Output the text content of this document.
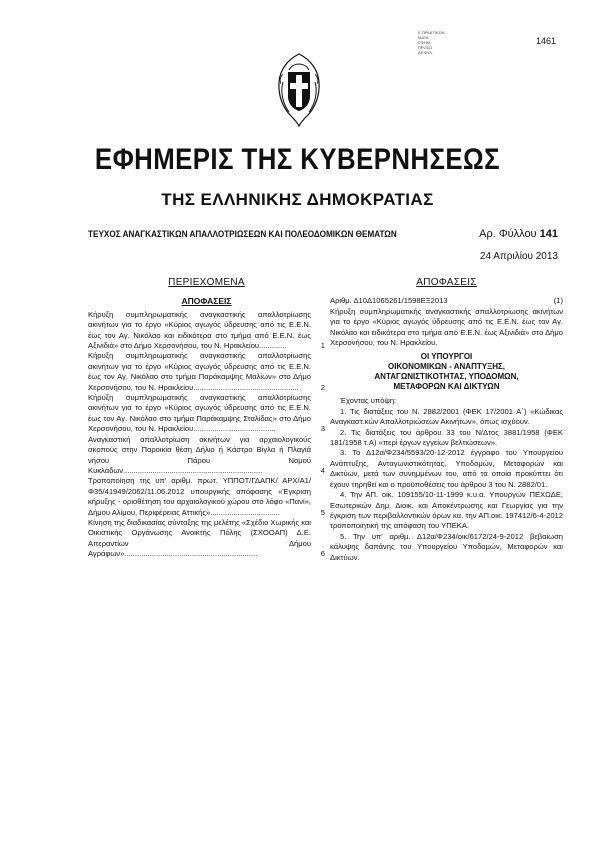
Ε.ΠΡΑΚΤΙΚΩΝ
ΜΑΤΑ
ΕΦΗΜ.
ΠΡΟΣΩ
ΑΡ.ΦΥΛ.
1461
ΕΦΗΜΕΡΙΣ ΤΗΣ ΚΥΒΕΡΝΗΣΕΩΣ
ΤΗΣ ΕΛΛΗΝΙΚΗΣ ΔΗΜΟΚΡΑΤΙΑΣ
ΤΕΥΧΟΣ ΑΝΑΓΚΑΣΤΙΚΩΝ ΑΠΑΛΛΟΤΡΙΩΣΕΩΝ ΚΑΙ ΠΟΛΕΟΔΟΜΙΚΩΝ ΘΕΜΑΤΩΝ	Αρ. Φύλλου 141
24 Απριλίου 2013
ΠΕΡΙΕΧΟΜΕΝΑ
ΑΠΟΦΑΣΕΙΣ
Κήρυξη συμπληρωματικής αναγκαστικής απαλλοτρίωσης ακινήτων για το έργο «Κύριος αγωγός ύδρευσης από τις Ε.Ε.Ν. έως τον Αγ. Νικόλαο και ειδικότερα στο τμήμα από Ε.Ε.Ν. έως Αξινιδιά» στο Δήμο Χερσονήσου, του Ν. Ηρακλείου.............	1
Κήρυξη συμπληρωματικής αναγκαστικής απαλλοτρίωσης ακινήτων για το έργο «Κύριος αγωγός ύδρευσης από τις Ε.Ε.Ν. έως τον Αγ. Νικόλαο στο τμήμα Παράκαμψης Μαλίων» στο Δήμο Χερσονήσου, του Ν. Ηρακλείου..................................................	2
Κήρυξη συμπληρωματικής αναγκαστικής απαλλοτρίωσης ακινήτων για το έργο «Κύριος αγωγός ύδρευσης από τις Ε.Ε.Ν. έως τον Αγ. Νικόλαο στο τμήμα Παράκαμψης Σταλίδας» στο Δήμο Χερσονήσου, του Ν. Ηρακλείου.......................................	3
Αναγκαστική απαλλοτρίωση ακινήτων για αρχαιολογικούς σκοπούς στην Παροικία θέση Δήλιο ή Κάστρο Βίγλα ή Πλαγιά νήσου Πάρου Νομού Κυκλάδων..................................................................	4
Τροποποίηση της υπ' αριθμ. πρωτ. ΥΠΠΟΤ/ΓΔΑΠΚ/ ΑΡΧ/Α1/Φ35/41949/2062/11.06.2012 υπουργικής απόφασης «Έγκριση κήρυξης - οριοθέτηση του αρχαιολογικού χώρου στο λόφο «Πανί», Δήμου Αλίμου, Περιφέρειας Αττικής».................................	5
Κίνηση της διαδικασίας σύνταξης της μελέτης «Σχέδιο Χωρικής και Οικιστικής Οργάνωσης Ανοικτής Πόλης (ΣΧΟΟΑΠ) Δ.Ε. Απεραντίων Δήμου Αγράφων»...............................................................	6
ΑΠΟΦΑΣΕΙΣ
Αριθμ. Δ10Δ1065261/1598ΕΞ2013	(1)
Κήρυξη συμπληρωματικής αναγκαστικής απαλλοτρίωσης ακινήτων για το έργο «Κύριος αγωγός ύδρευσης από τις Ε.Ε.Ν. έως τον Αγ. Νικόλαο και ειδικότερα στο τμήμα από Ε.Ε.Ν. έως Αξινιδιά» στο Δήμο Χερσονήσου, του Ν. Ηρακλείου.
ΟΙ ΥΠΟΥΡΓΟΙ
ΟΙΚΟΝΟΜΙΚΩΝ - ΑΝΑΠΤΥΞΗΣ,
ΑΝΤΑΓΩΝΙΣΤΙΚΟΤΗΤΑΣ, ΥΠΟΔΟΜΩΝ,
ΜΕΤΑΦΟΡΩΝ ΚΑΙ ΔΙΚΤΥΩΝ
Έχοντας υπόψη:
1. Τις διατάξεις του Ν. 2882/2001 (ΦΕΚ 17/2001 Α΄) «Κώδικας Αναγκαστ.κών Απαλλοτριώσεων Ακινήτων», όπως ισχύουν.
2. Τις διατάξεις του άρθρου 33 του Ν/Δτος 3881/1958 (ΦΕΚ 181/1958 τ.Α) «περί έργων εγγείων βελτιώσεων».
3. Το Δ12α/Φ234/5593/20-12-2012 έγγραφο του Υπουργείου Ανάπτυξης, Ανταγωνιστικότητας, Υποδομών, Μεταφορών και Δικτύων, μετά των συνημμένων του, από τα οποία προκύπτει ότι έχουν τηρηθεί και ο προϋποθέσεις του άρθρου 3 του Ν. 2882/01.
4. Την ΑΠ. οικ. 109155/10-11-1999 κ.υ.α. Υπουργών ΠΕΧΩΔΕ, Εσωτερικών Δημ. Διοικ. και Αποκέντρωσης και Γεωργίας για την έγκριση των περιβαλλοντικών όρων κα. την ΑΠ.οικ. 197412/6-4-2012 τροποποιητική της απόφαση του ΥΠΕΚΑ.
5. Την υπ' αριθμ. Δ12α/Φ234/οικ/6172/24-9-2012 βεβαίωση κάλυψης δαπάνης του Υπουργείου Υποδομών, Μεταφορών και Δικτύων.
